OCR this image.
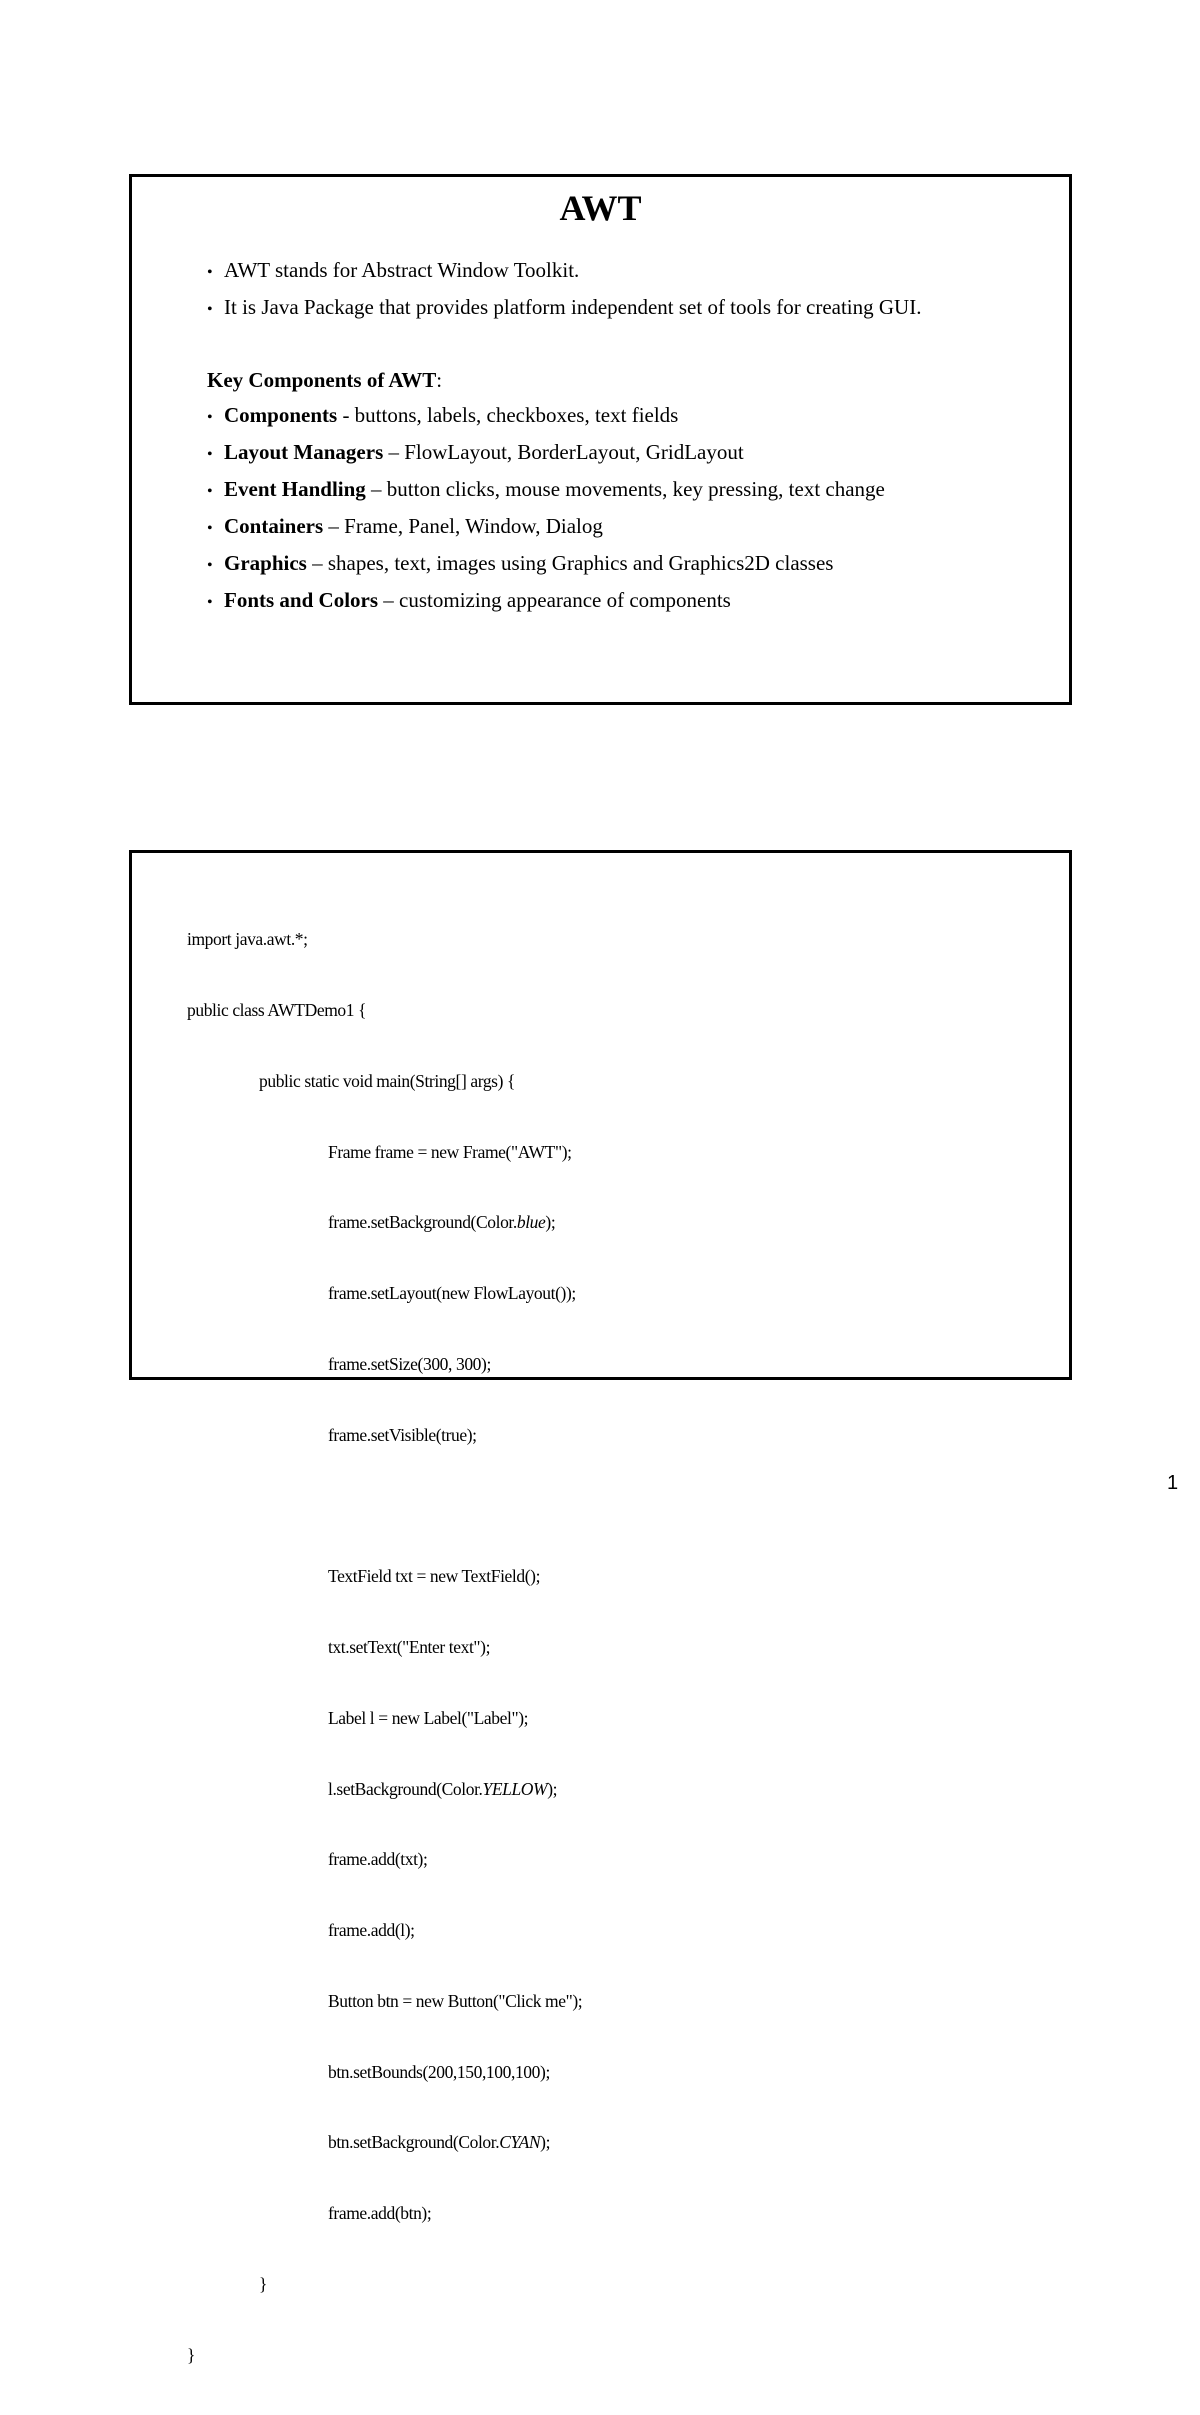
AWT
• AWT stands for Abstract Window Toolkit.
• It is Java Package that provides platform independent set of tools for creating GUI.
Key Components of AWT:
• Components - buttons, labels, checkboxes, text fields
• Layout Managers – FlowLayout, BorderLayout, GridLayout
• Event Handling – button clicks, mouse movements, key pressing, text change
• Containers – Frame, Panel, Window, Dialog
• Graphics – shapes, text, images using Graphics and Graphics2D classes
• Fonts and Colors – customizing appearance of components

import java.awt.*;

public class AWTDemo1 {

public static void main(String[] args) {

Frame frame = new Frame("AWT");

frame.setBackground(Color.blue);

frame.setLayout(new FlowLayout());

frame.setSize(300, 300);

frame.setVisible(true);

TextField txt = new TextField();

txt.setText("Enter text");

Label l = new Label("Label");

l.setBackground(Color.YELLOW);

frame.add(txt);

frame.add(l);

Button btn = new Button("Click me");

btn.setBounds(200,150,100,100);

btn.setBackground(Color.CYAN);

frame.add(btn);

}

}

1
